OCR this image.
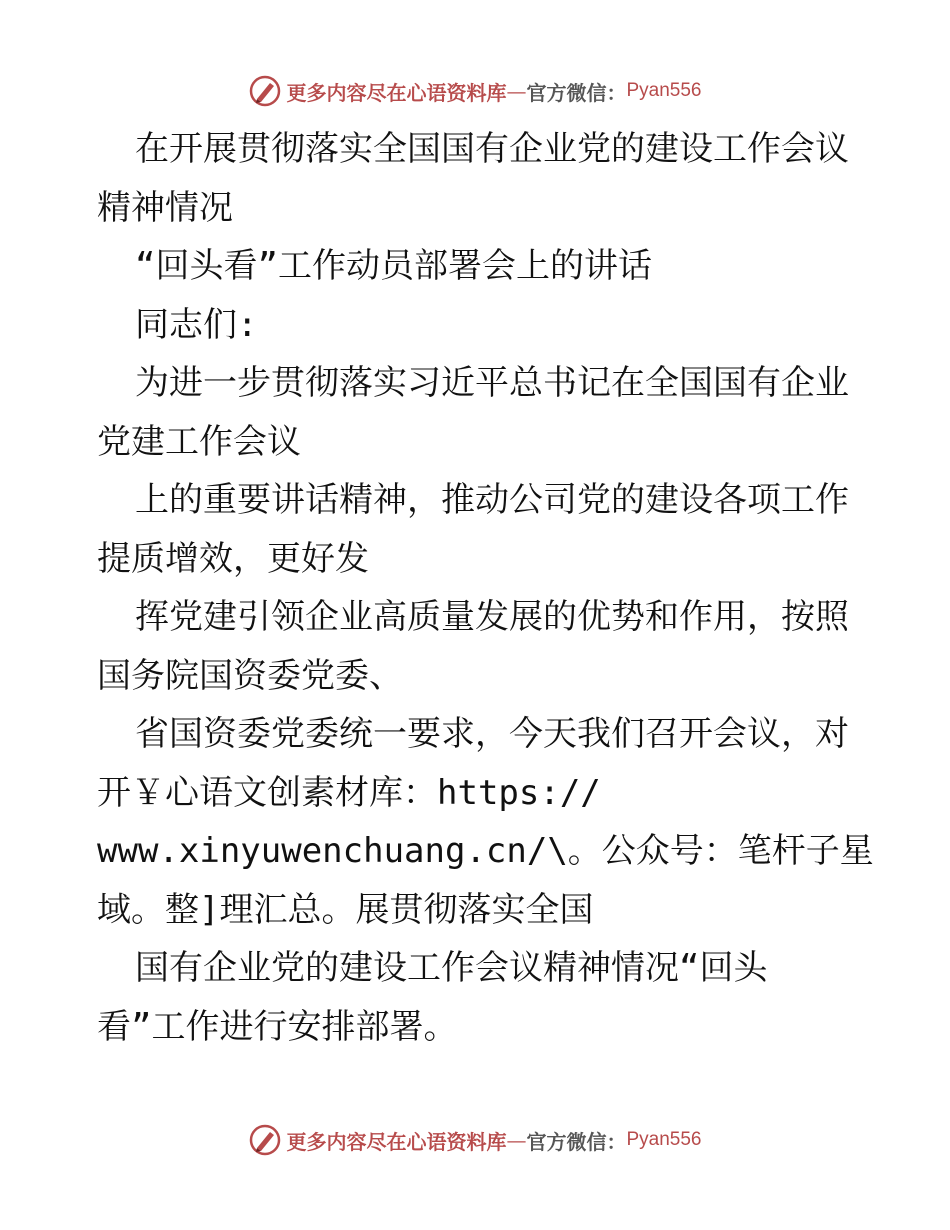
更多内容尽在心语资料库 — 官方微信： Pyan556
在开展贯彻落实全国国有企业党的建设工作会议
精神情况
“回头看”工作动员部署会上的讲话
同志们:
为进一步贯彻落实习近平总书记在全国国有企业
党建工作会议
上的重要讲话精神，推动公司党的建设各项工作
提质增效，更好发
挥党建引领企业高质量发展的优势和作用，按照
国务院国资委党委、
省国资委党委统一要求，今天我们召开会议，对
开￥心语文创素材库：https://
www.xinyuwenchuang.cn/\。公众号：笔杆子星
域。整]理汇总。展贯彻落实全国
国有企业党的建设工作会议精神情况“回头
看”工作进行安排部署。
更多内容尽在心语资料库 — 官方微信： Pyan556
